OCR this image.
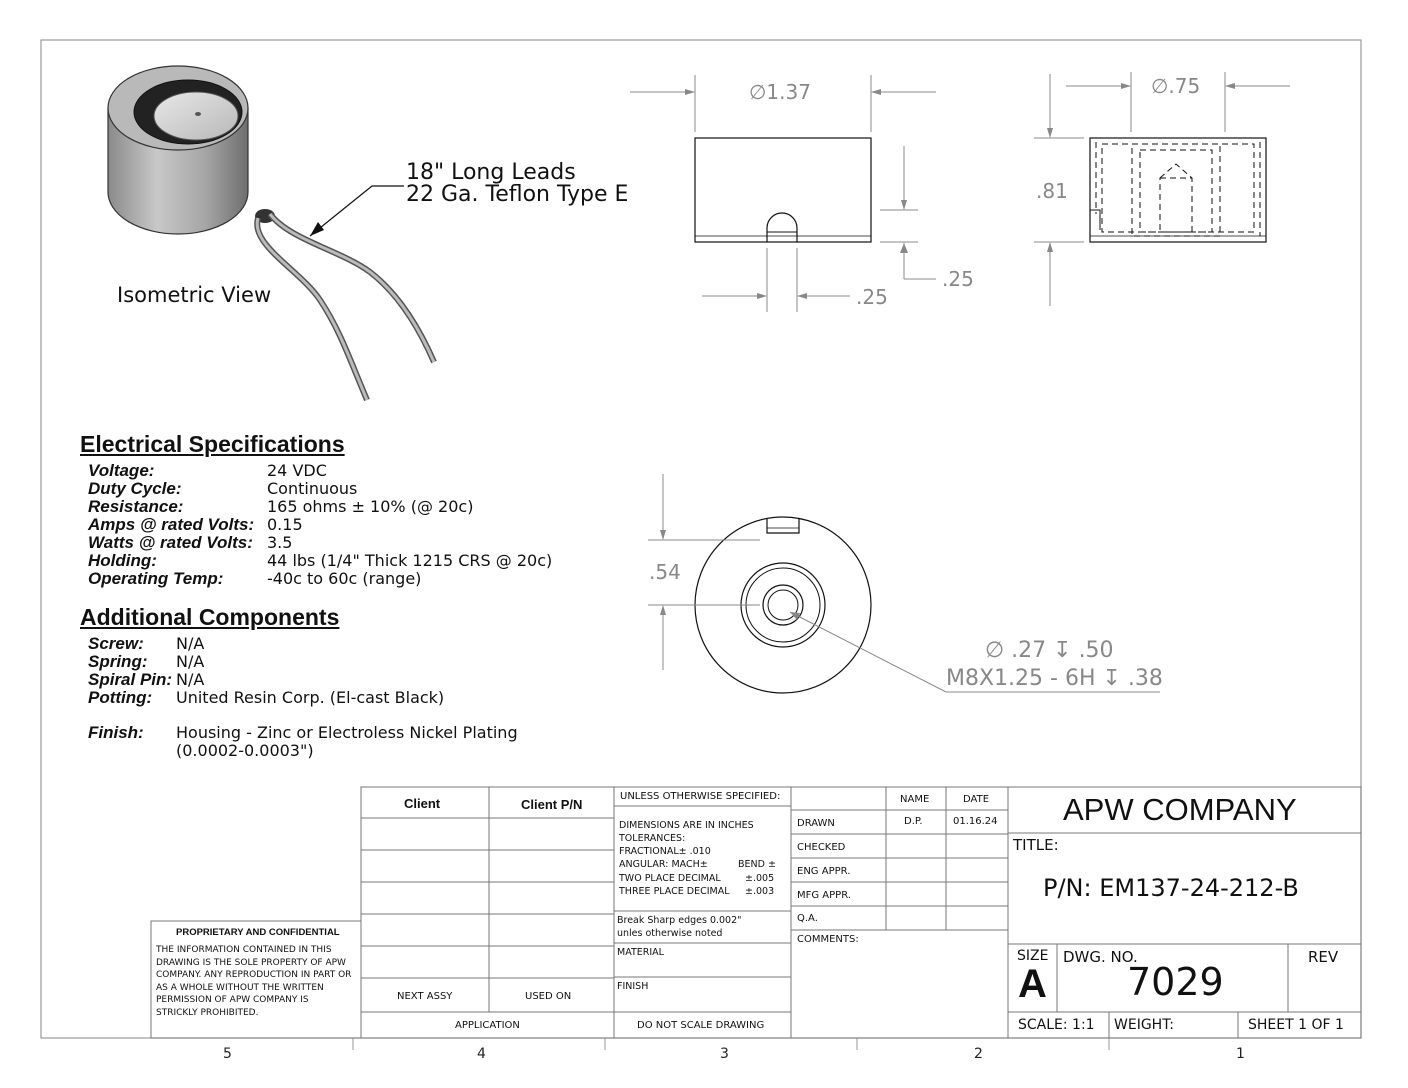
18" Long Leads
22 Ga. Teflon Type E
Isometric View
∅1.37
.25
.25
∅.75
.81
.54
∅ .27 ↧ .50
M8X1.25 - 6H ↧ .38
Electrical Specifications
Voltage:	24 VDC
Duty Cycle:	Continuous
Resistance:	165 ohms ± 10% (@ 20c)
Amps @ rated Volts: 0.15
Watts @ rated Volts: 3.5
Holding:	44 lbs (1/4" Thick 1215 CRS @ 20c)
Operating Temp:	-40c to 60c (range)
Additional Components
Screw: N/A
Spring: N/A
Spiral Pin: N/A
Potting: United Resin Corp. (El-cast Black)
Finish: Housing - Zinc or Electroless Nickel Plating
(0.0002-0.0003")
PROPRIETARY AND CONFIDENTIAL
THE INFORMATION CONTAINED IN THIS DRAWING IS THE SOLE PROPERTY OF APW COMPANY. ANY REPRODUCTION IN PART OR AS A WHOLE WITHOUT THE WRITTEN PERMISSION OF APW COMPANY IS STRICKLY PROHIBITED.
Client	Client P/N
NEXT ASSY	USED ON
APPLICATION
UNLESS OTHERWISE SPECIFIED:
DIMENSIONS ARE IN INCHES
TOLERANCES:
FRACTIONAL± .010
ANGULAR: MACH±	BEND ±
TWO PLACE DECIMAL	±.005
THREE PLACE DECIMAL ±.003
Break Sharp edges 0.002"
unles otherwise noted
MATERIAL
FINISH
DO NOT SCALE DRAWING
NAME	DATE
DRAWN	D.P.	01.16.24
CHECKED
ENG APPR.
MFG APPR.
Q.A.
COMMENTS:
APW COMPANY
TITLE:
P/N: EM137-24-212-B
SIZE
A
DWG. NO.
7029
REV
SCALE: 1:1 WEIGHT:	SHEET 1 OF 1
5	4	3	2	1
